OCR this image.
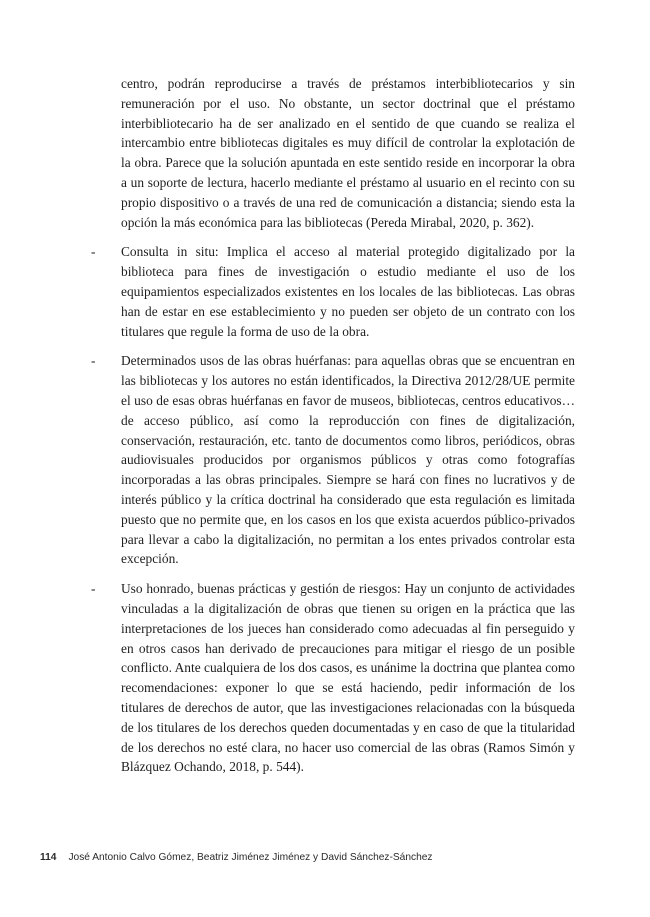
centro, podrán reproducirse a través de préstamos interbibliotecarios y sin remuneración por el uso. No obstante, un sector doctrinal que el préstamo interbibliotecario ha de ser analizado en el sentido de que cuando se realiza el intercambio entre bibliotecas digitales es muy difícil de controlar la explotación de la obra. Parece que la solución apuntada en este sentido reside en incorporar la obra a un soporte de lectura, hacerlo mediante el préstamo al usuario en el recinto con su propio dispositivo o a través de una red de comunicación a distancia; siendo esta la opción la más económica para las bibliotecas (Pereda Mirabal, 2020, p. 362).

-	Consulta in situ: Implica el acceso al material protegido digitalizado por la biblioteca para fines de investigación o estudio mediante el uso de los equipamientos especializados existentes en los locales de las bibliotecas. Las obras han de estar en ese establecimiento y no pueden ser objeto de un contrato con los titulares que regule la forma de uso de la obra.

-	Determinados usos de las obras huérfanas: para aquellas obras que se encuentran en las bibliotecas y los autores no están identificados, la Directiva 2012/28/UE permite el uso de esas obras huérfanas en favor de museos, bibliotecas, centros educativos… de acceso público, así como la reproducción con fines de digitalización, conservación, restauración, etc. tanto de documentos como libros, periódicos, obras audiovisuales producidos por organismos públicos y otras como fotografías incorporadas a las obras principales. Siempre se hará con fines no lucrativos y de interés público y la crítica doctrinal ha considerado que esta regulación es limitada puesto que no permite que, en los casos en los que exista acuerdos público-privados para llevar a cabo la digitalización, no permitan a los entes privados controlar esta excepción.

-	Uso honrado, buenas prácticas y gestión de riesgos: Hay un conjunto de actividades vinculadas a la digitalización de obras que tienen su origen en la práctica que las interpretaciones de los jueces han considerado como adecuadas al fin perseguido y en otros casos han derivado de precauciones para mitigar el riesgo de un posible conflicto. Ante cualquiera de los dos casos, es unánime la doctrina que plantea como recomendaciones: exponer lo que se está haciendo, pedir información de los titulares de derechos de autor, que las investigaciones relacionadas con la búsqueda de los titulares de los derechos queden documentadas y en caso de que la titularidad de los derechos no esté clara, no hacer uso comercial de las obras (Ramos Simón y Blázquez Ochando, 2018, p. 544).

114 José Antonio Calvo Gómez, Beatriz Jiménez Jiménez y David Sánchez-Sánchez
